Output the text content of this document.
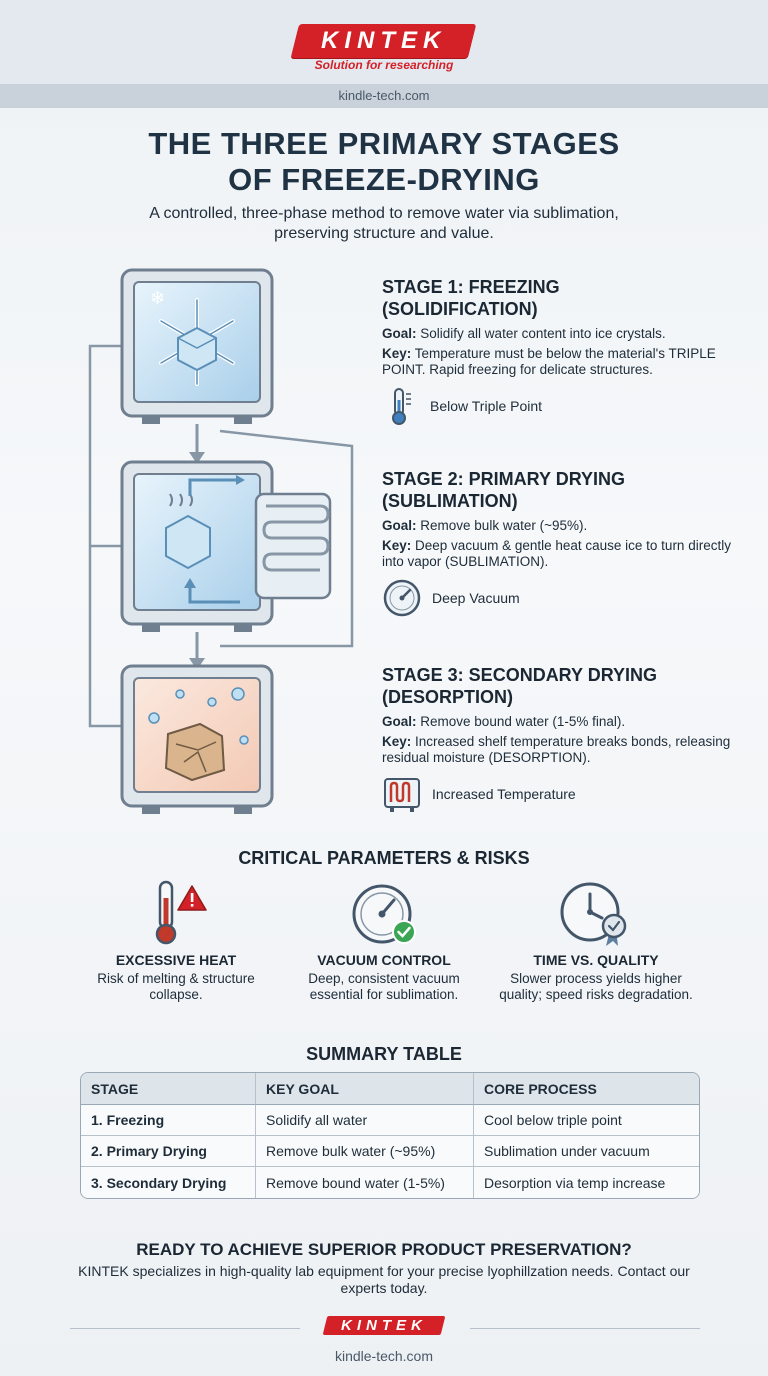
KINTEK
Solution for researching
kindle-tech.com
THE THREE PRIMARY STAGES
OF FREEZE-DRYING
A controlled, three-phase method to remove water via sublimation, preserving structure and value.
❄
STAGE 1: FREEZING
(SOLIDIFICATION)

Goal: Solidify all water content into ice crystals.

Key: Temperature must be below the material's TRIPLE POINT. Rapid freezing for delicate structures.

Below Triple Point
STAGE 2: PRIMARY DRYING
(SUBLIMATION)

Goal: Remove bulk water (~95%).

Key: Deep vacuum & gentle heat cause ice to turn directly into vapor (SUBLIMATION).

Deep Vacuum
STAGE 3: SECONDARY DRYING
(DESORPTION)

Goal: Remove bound water (1-5% final).

Key: Increased shelf temperature breaks bonds, releasing residual moisture (DESORPTION).

Increased Temperature
CRITICAL PARAMETERS & RISKS
EXCESSIVE HEAT

Risk of melting & structure collapse.

VACUUM CONTROL

Deep, consistent vacuum essential for sublimation.

TIME VS. QUALITY

Slower process yields higher quality; speed risks degradation.

SUMMARY TABLE
STAGE	KEY GOAL	CORE PROCESS
1. Freezing	Solidify all water	Cool below triple point
2. Primary Drying	Remove bulk water (~95%)	Sublimation under vacuum
3. Secondary Drying	Remove bound water (1-5%)	Desorption via temp increase
READY TO ACHIEVE SUPERIOR PRODUCT PRESERVATION?
KINTEK specializes in high-quality lab equipment for your precise lyophillzation needs. Contact our experts today.
KINTEK
kindle-tech.com
